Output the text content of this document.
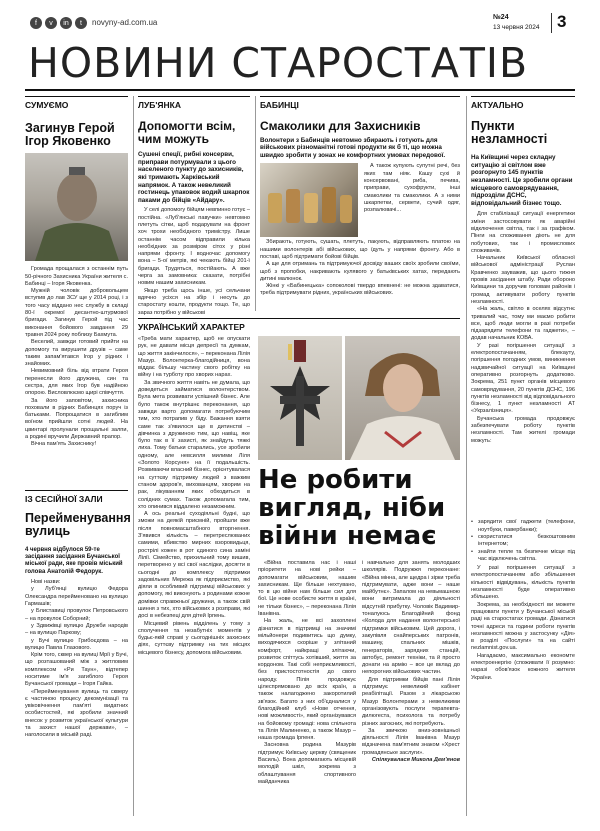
f	v	in	t	novyny-ad.com.ua
№24
13 червня 2024 3
НОВИНИ СТАРОСТАТІВ
СУМУЄМО
Загинув Герой Ігор Яковенко

Громада прощалася з останнім путь 50-річного Захисника України жителя с. Бабинці – Ігоря Яковенка.

Мужній чоловік добровольцем вступив до лав ЗСУ ще у 2014 році, і з того часу віддано нес службу в складі 80-ї окремої десантно-штурмової бригади. Загинув Герой під час виконання бойового завдання 29 травня 2024 року поблизу Бахмута.

Веселий, завжди готовий прийти на допомогу та вирушити друзів – саме таким запам'ятався Ігор у рідних і знайомих.

Невимовний біль від втрати Героя перенесли його дружина, син та сестра, для яких Ігор був надійною опорою. Висловлюємо щирі співчуття.

За його заповітом, захисника поховали в рідних Бабинцях поруч із батьками. Попрощатися в загиблим воїном прийшли сотні людей. На цвинтарі пролунали прощальні залпи, а родині вручили Державний прапор.

Вічна пам'ять Захиснику!

ІЗ СЕСІЙНОЇ ЗАЛИ
Перейменування вулиць
4 червня відбулося 59-те засідання засідання Бучанської міської ради, яке провів міський голова Анатолій Федорук.

Нові назви:

у Луб'янці вулицю Федора Олександра перейменовано на вулицю Гармашів;

у Блиставиці провулок Петровського – на провулок Соборний;

у Здвижівці вулицю Дружби народів – на вулицю Паркову;

у Бучі вулицю Грибоєдова – на вулицю Павла Глазового.

Крім того, сквер на вулиці Мрії у Бучі, що розташований між з житловим комплексом «Ри Таун», відтепер носитиме ім'я загиблого Героя Бучанської громади – Ігоря Гайка.

«Перейменування вулиць та скверу є частиною процесу декомунізації та увіковічнення пам'яті видатних особистостей, які зробили значний внесок у розвиток української культури та захист нашої держави», – наголосили в міській раді.

ЛУБ'ЯНКА
Допомогти всім, чим можуть
Сушені спеції, рибні консерви, приправи потурмували з цього населеного пункту до захисників, які тримають Харківський напрямок. А також невеликий гостинець упаковок водий шкарпок паками до бійців «Айдару».

У селі допомогу бійцям невпинно готує – постійна. «Луб'янські павучки» невтомно плетуть сітки, щоб подарувати на фронт хоч трохи необхідного тримістру. Лише останнім часом відправили кілька необхідних за розміром сітох у різні напрями фронту. І водночас допомогу вона – 5-ої метрів, які чекають бійці 201-ї бригади. Трудяться, постійають. А вже черга за замовника: сказати, потрібні новим нашим захисникам.

Якщо треба щось інше, усі сельчани вдячно усіхся на збір і несуть до старостату кошти, продукти тощо. Те, що зараз потрібно у військові

БАБИНЦІ
Смаколики для Захисників
Волонтери з Бабинців невтомно збирають і готують для військових різноманітні готові продукти як б ті, що можна швидко зробити у зонах не комфортних умовах передової.

А також купують супутні речі, без яких там ніяк. Кашу сухі й консервовані, риба, печива, приправи, сухофрукти, інші смаколики та смаколики. А з ними шкарпетки, сервети, сучий одяг, розпалювачі...

Збирають, готують, сушать, плетуть, пакують, відправляють платою на нашими волонтерів абі військових, що їдуть у напрями фронту. Або в поставі, щоб підтримати бойові бійців.

А ще для отримань та підтримуючої досвіду ваших своїх зробили своїми, щоб з пропобки, накривають кулявого у батьківських хатах, передають дитині малюнок.

Жінкі у «Бабинецька» сопоколові твердо впевнені: не можна здаватися, треба підтримувати рідних, українських військових.

АКТУАЛЬНО
Пункти незламності
На Київщині через складну ситуацію зі світлом вже розгорнуто 145 пунктів незламності. Це зробили органи місцевого самоврядування, підрозділи ДСНС, відповідальний бізнес тощо.

Для стабілізації ситуації енергетики зміни застосовувати як аварійні відключення світла, так і за графіком. Пінги на споживання діють не для побутових, так і промислових споживачів.

Начальник Київської обласної військової адміністрації Руслан Кравченко зауважив, що цього тижня провів засідання штабу. Ради обороно Київщини та доручив головам районів і громад активувати роботу пунктів незламності.

«На жаль, світло в оселях відсутнє тривалий час, тому ми маємо робити все, щоб люди могли в разі потреби підзарядити телефони та гаджети», – додав начальник КОВА.

У разі погіршення ситуації з електропостачанням, блекауту, погіршення погодних умов, виникнення надзвичайної ситуації на Київщині оперативно розгорнуть додатково. Зокрема, 251 пункт органів місцевого самоврядування, 20 пунктів ДСНС, 196 пунктів незламності від відповідального бізнесу, 1 пункт незламності АТ «Укрзалізниця».

Бучанська громада продовжує забезпечувати роботу пунктів незламності. Там жителі громади можуть:

• зарядити свої гаджети (телефони, ноутбуки, павербанки);
• скористатися безкоштовним інтернетом;
• знайти тепле та безпечне місце під час відключень світла.

У разі погіршення ситуації з електропостачанням або збільшення кількості відвідувань, кількість пунктів незламності буде оперативно збільшено.

Зокрема, за необхідності ви можете працювати пункти у Бучанської міській раді на старостатах громади. Дізнатися точні адреси та години роботи пунктів незламності можна у застосунку «Дія» в розділі «Послуги» та на сайті nezlamnist.gov.ua.

Нагадаємо, максимально економте електроенергію (споживати її розумно: наразі обов'язок кожного жителя України.

УКРАЇНСЬКИЙ ХАРАКТЕР

«Треба мати характер, щоб не опускати рук, не давати місця депресії та думкам, що життя закінчилося», – переконана Лілія Мазур. Волонтерка-благодійниця, вона віддає більшу частину свого робітку на війну і на турботу про хворих нарах.

За звичного життя навіть не думала, що доведеться займатися волонтерством. Була мета розвивати успішний бізнес. Але було також внутрішнє переконання, що завжди варто допомагати потребуючим тим, хто потрапив у біду. Бажання взяти саме так з'явилося ще в дитинстві – дівчинка з дружиною тим, що навіщ, яке було так в її захисті, як знайдуть тяжкі лиха. Тому батьки старались, усе зробили одному, але невсилля милими Ліля «Золото Корсуня» на її подальшість. Розвиваючи власний бізнес, орієнтувалася на суттєву підтримку людей з важким станом здоров'я, вихованцям, хворим на рак, лікуванням яких обходиться в солідних сумах. Також допомагала тим, хто опинився віддалено незаможним.

А ось реальні суходіяльні будні, що зможи на деякій приємній, пройшли вже після повномасштабного вторгнення. З'явився кількість – перетреслюваних самими, вбивство мирних взоровидьця, рострілі кожен в рот єдиного сина заміні Лілії. Сімейство, прихильний тому вишив, перетворено у всі свої наслідки, досягти в сьогодні до комплексу підтримки задовільних Мережа як підприємство, які діяли в особливий підтримці військових у допомогу, які виконують з родинами кожне домівки справжньої дружини, а також свій шиння з тих, хто військових з розправи, які досі в небезпеці для дітей Ірпень.

Місцевий рівень відділень у тому з сполучення та незабутніх моментів у будьє-якій справі у сьогоднішніх захисних діях, суттєву підтримку на тих місцях місцевого бізнесу, допомога військовим.

Не робити вигляд, ніби війни немає

«Війна поставила нас і наші пріоритети на нові рейки – допомагати військовим, нашим захисникам. Ще більше нехтувано, то в цю війни нам більше сил для бої. Це нове особисте життя в країні, не тільки бізнес», – переконана Лілія Іванівна.

На жаль, не всі захоплені дізнатися в підтримці на значимі мільйонери подивитись що думку, виходячихся скоріше у злітаний комфорт, найкращі злітаючи, розвиток спіттусь хотівший, життя за кордоном. Такі собі неприємливості, без приєтостотностія до свого народу. Пілія продовжує цілеспрямовано до всіх країн, а також налагоджено закоротилий зв'язок. Багато з них об'єдналися у благодійний клуб «Нове отчення, нові можливості», який організувався на бойовому громаді: нова спільнота та Лілія Малиненко, а також Мазур – наша громада Ірпеня.

Засновна родина Мазурів підтримує Київську церкву (священик Василь). Вона допомагають місцевій молодій шкіл, зокрема з облаштування спортивного майданчика

і навчально для занять молодших школярів. Подружжя переконане: «Війна мінна, але щедра і зірки треба підтримувати, адже вони – наше майбутнє». Запалом на невьмашною вони витримала до діяльності відсутній прибутку. Чоловік Вадимир-тоналуюсь Благодійний фонд «Колода для надання волонтерської підтримки військовим. Цей дорога, і закупівля снайперських патронів, машину, спальних мішків, генераторів, зарядних станцій, автобус, ремонт техніки, та й просто донати на армію – все це вклад до непорогних військових частин.

Для підтримки бійців пані Лілія підтримує невеликий кабінет реабілітації. Разом з лікарською Мазур Волонтерами з невеликими організовують послуги терапевта-дилюгеста, психолога та потребу різних загоєних, які потребують.

За звичкою вниз-зовнішньої діяльності Лілія Іванівна Мазур відзначена пам'ятним знаком «Хрест громадянське заслуги».

Спілкувалася Микола Дем'янов
